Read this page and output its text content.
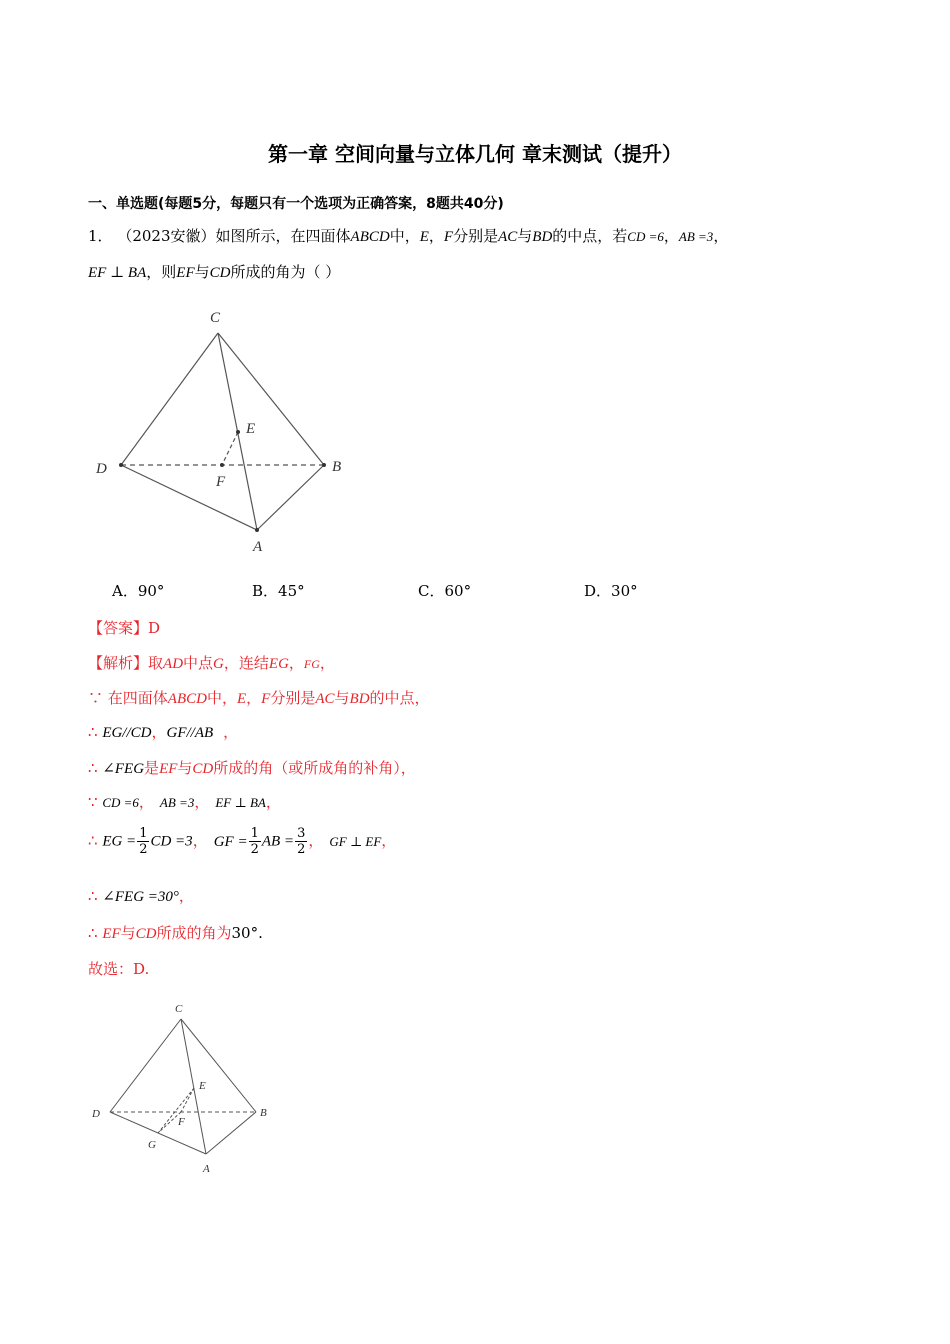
第一章 空间向量与立体几何 章末测试（提升）
一、单选题(每题5分，每题只有一个选项为正确答案，8题共40分)
1． （2023安徽）如图所示，在四面体ABCD中，E，F分别是AC与BD的中点，若CD =6，AB =3，
EF ⊥ BA，则EF与CD所成的角为（ ）
C
E
D	B
F
A
A．90°	B．45°	C．60°	D．30°
【答案】D
【解析】取AD中点G，连结EG，FG，
∵ 在四面体ABCD中，E，F分别是AC与BD的中点，
∴ EG//CD，GF//AB ，
∴ ∠FEG是EF与CD所成的角（或所成角的补角），
∵ CD =6， AB =3， EF ⊥ BA，
∴ EG = $\frac{1}{2}$ CD =3， GF = $\frac{1}{2}$ AB = $\frac{3}{2}$ ， GF ⊥ EF，
∴ ∠FEG =30°，
∴ EF与CD所成的角为30°.
故选：D.
C
E
D	B
F
G
A
